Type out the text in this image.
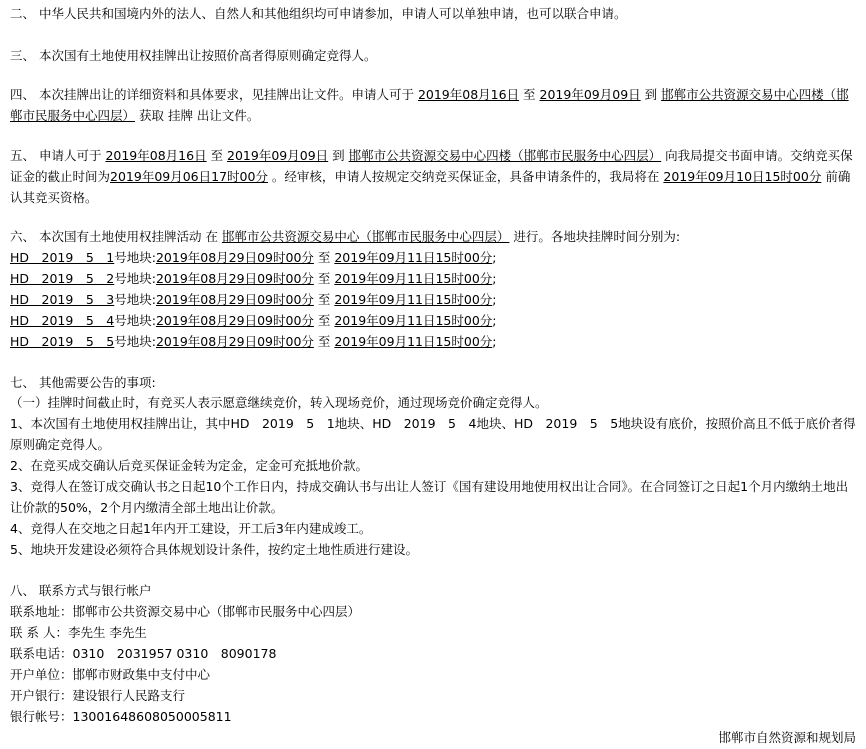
二、 中华人民共和国境内外的法人、自然人和其他组织均可申请参加，申请人可以单独申请，也可以联合申请。
三、 本次国有土地使用权挂牌出让按照价高者得原则确定竞得人。
四、 本次挂牌出让的详细资料和具体要求，见挂牌出让文件。申请人可于 2019年08月16日 至 2019年09月09日 到 邯郸市公共资源交易中心四楼（邯郸市民服务中心四层） 获取 挂牌 出让文件。
五、 申请人可于 2019年08月16日 至 2019年09月09日 到 邯郸市公共资源交易中心四楼（邯郸市民服务中心四层） 向我局提交书面申请。交纳竞买保证金的截止时间为2019年09月06日17时00分 。经审核，申请人按规定交纳竞买保证金，具备申请条件的，我局将在 2019年09月10日15时00分 前确认其竞买资格。
六、 本次国有土地使用权挂牌活动 在 邯郸市公共资源交易中心（邯郸市民服务中心四层） 进行。各地块挂牌时间分别为:
HD　2019　5　1号地块:2019年08月29日09时00分 至 2019年09月11日15时00分;
HD　2019　5　2号地块:2019年08月29日09时00分 至 2019年09月11日15时00分;
HD　2019　5　3号地块:2019年08月29日09时00分 至 2019年09月11日15时00分;
HD　2019　5　4号地块:2019年08月29日09时00分 至 2019年09月11日15时00分;
HD　2019　5　5号地块:2019年08月29日09时00分 至 2019年09月11日15时00分;
七、 其他需要公告的事项:
（一）挂牌时间截止时，有竞买人表示愿意继续竞价，转入现场竞价，通过现场竞价确定竞得人。
1、本次国有土地使用权挂牌出让，其中HD　2019　5　1地块、HD　2019　5　4地块、HD　2019　5　5地块设有底价，按照价高且不低于底价者得原则确定竞得人。
2、在竞买成交确认后竞买保证金转为定金，定金可充抵地价款。
3、竞得人在签订成交确认书之日起10个工作日内，持成交确认书与出让人签订《国有建设用地使用权出让合同》。在合同签订之日起1个月内缴纳土地出让价款的50%，2个月内缴清全部土地出让价款。
4、竞得人在交地之日起1年内开工建设，开工后3年内建成竣工。
5、地块开发建设必须符合具体规划设计条件，按约定土地性质进行建设。
八、 联系方式与银行帐户
联系地址：邯郸市公共资源交易中心（邯郸市民服务中心四层）
联 系 人：李先生 李先生
联系电话：0310　2031957 0310　8090178
开户单位：邯郸市财政集中支付中心
开户银行：建设银行人民路支行
银行帐号：13001648608050005811
邯郸市自然资源和规划局
